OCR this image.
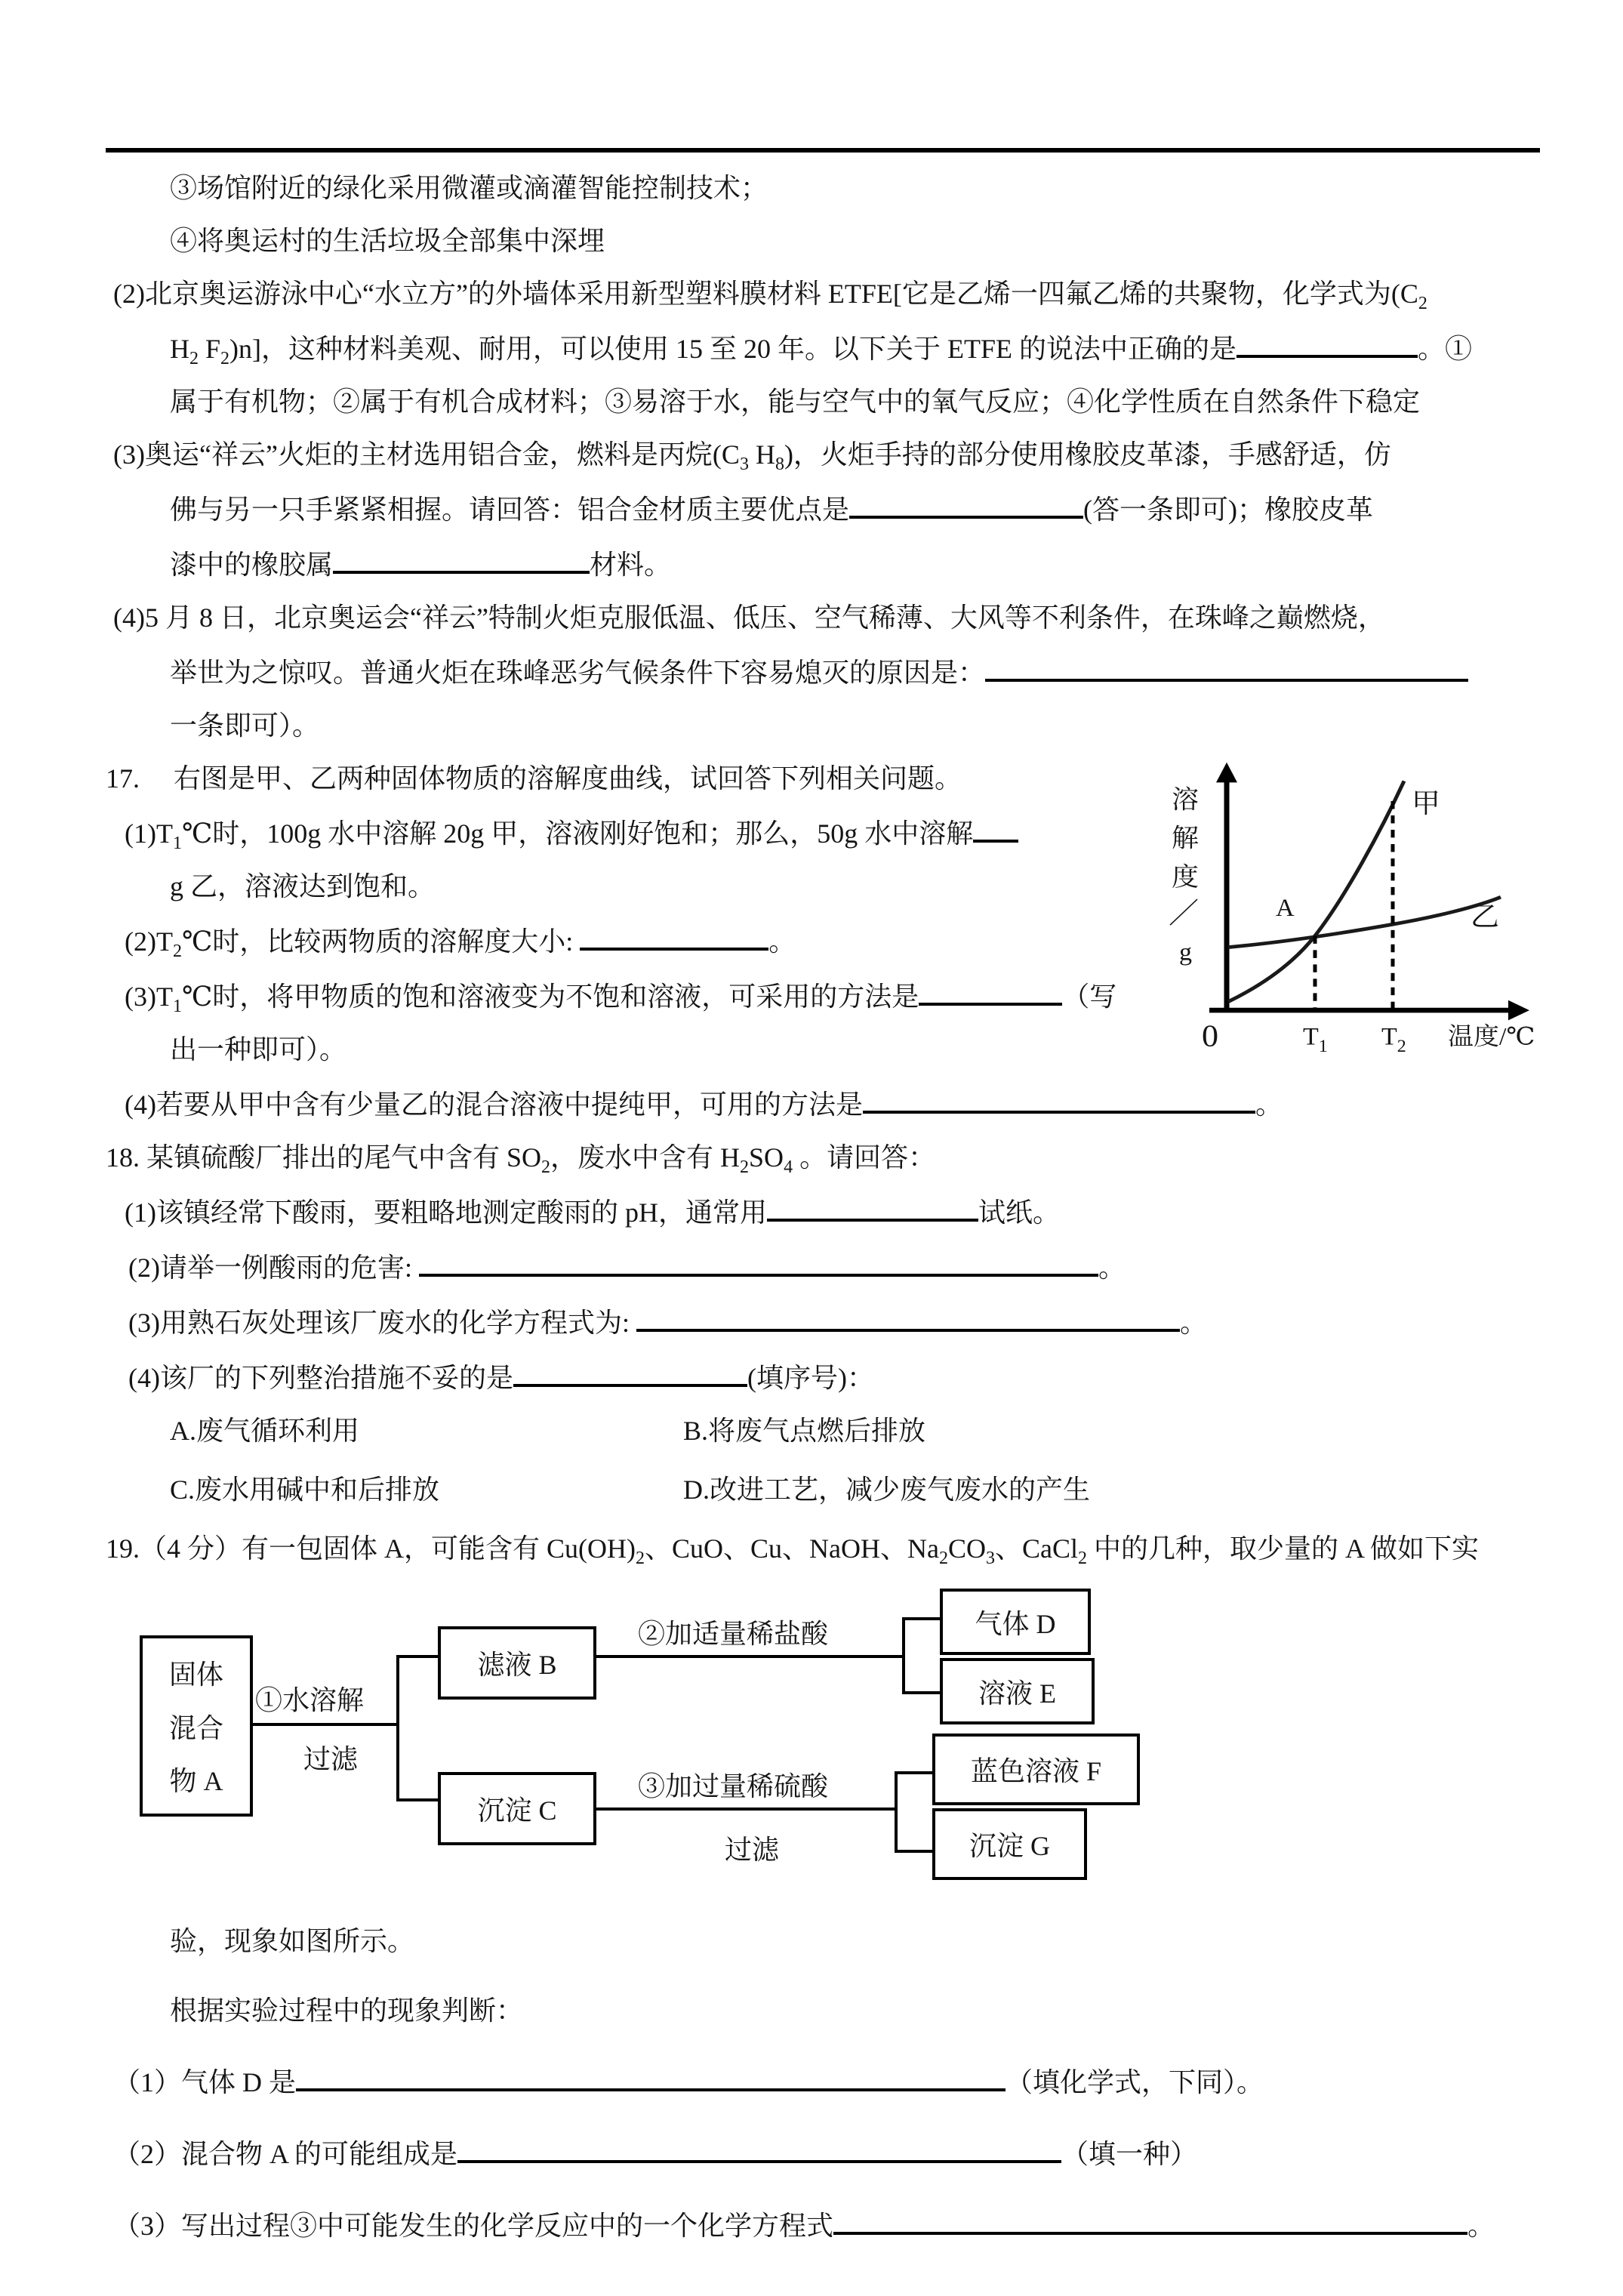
③场馆附近的绿化采用微灌或滴灌智能控制技术；
④将奥运村的生活垃圾全部集中深埋
(2)北京奥运游泳中心“水立方”的外墙体采用新型塑料膜材料 ETFE[它是乙烯一四氟乙烯的共聚物，化学式为($C_2$
$H_2$ $F_2)n$]，这种材料美观、耐用，可以使用 15 至 20 年。以下关于 ETFE 的说法中正确的是	。①
属于有机物；②属于有机合成材料；③易溶于水，能与空气中的氧气反应；④化学性质在自然条件下稳定
(3)奥运“祥云”火炬的主材选用铝合金，燃料是丙烷($C_3$ $H_8$)，火炬手持的部分使用橡胶皮革漆，手感舒适，仿
佛与另一只手紧紧相握。请回答：铝合金材质主要优点是	(答一条即可)；橡胶皮革
漆中的橡胶属	材料。
(4)5 月 8 日，北京奥运会“祥云”特制火炬克服低温、低压、空气稀薄、大风等不利条件，在珠峰之巅燃烧，
举世为之惊叹。普通火炬在珠峰恶劣气候条件下容易熄灭的原因是：
一条即可）。
溶
解
度
／
g
0	$T_1$ $T_2$ 温度/℃
甲
乙
A
17.　 右图是甲、乙两种固体物质的溶解度曲线，试回答下列相关问题。
$(1)T_1℃$时，100g 水中溶解 20g 甲，溶液刚好饱和；那么，50g 水中溶解
g 乙，溶液达到饱和。
$(2)T_2℃$时，比较两物质的溶解度大小:	。
$(3)T_1℃$时，将甲物质的饱和溶液变为不饱和溶液，可采用的方法是	（写
出一种即可）。
(4)若要从甲中含有少量乙的混合溶液中提纯甲，可用的方法是	。
18. 某镇硫酸厂排出的尾气中含有 $SO_2$，废水中含有 $H_2SO_4$ 。请回答：
(1)该镇经常下酸雨，要粗略地测定酸雨的 pH，通常用	试纸。
(2)请举一例酸雨的危害:	。
(3)用熟石灰处理该厂废水的化学方程式为:	。
(4)该厂的下列整治措施不妥的是	(填序号)：
A.废气循环利用	B.将废气点燃后排放
C.废水用碱中和后排放	D.改进工艺，减少废气废水的产生
19.（4 分）有一包固体 A，可能含有 $Cu(OH)_2$、CuO、Cu、NaOH、$Na_2CO_3$、CaCl$_2$ 中的几种，取少量的 A 做如下实
固体
混合
物 A
①水溶解
过滤
滤液 B
沉淀 C
②加适量稀盐酸	气体 D
溶液 E
③加过量稀硫酸
过滤
蓝色溶液 F
沉淀 G
验，现象如图所示。
根据实验过程中的现象判断：
（1）气体 D 是	（填化学式，下同）。
（2）混合物 A 的可能组成是	（填一种）
（3）写出过程③中可能发生的化学反应中的一个化学方程式	。
